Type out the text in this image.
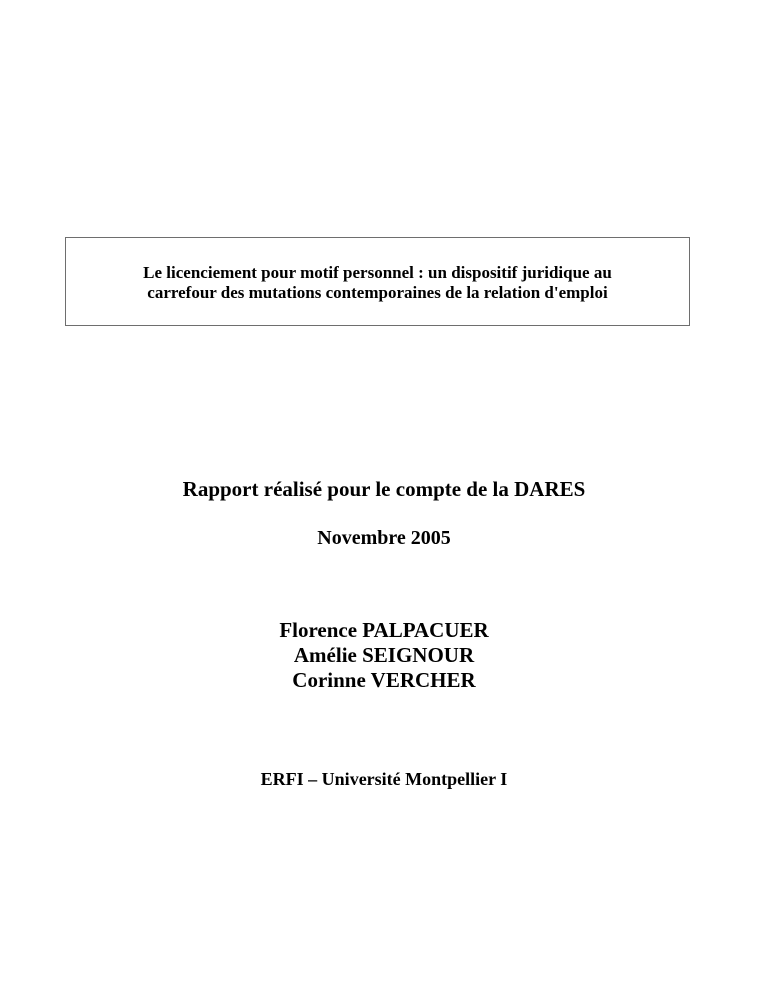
Le licenciement pour motif personnel : un dispositif juridique au
carrefour des mutations contemporaines de la relation d'emploi
Rapport réalisé pour le compte de la DARES
Novembre 2005
Florence PALPACUER
Amélie SEIGNOUR
Corinne VERCHER
ERFI – Université Montpellier I
